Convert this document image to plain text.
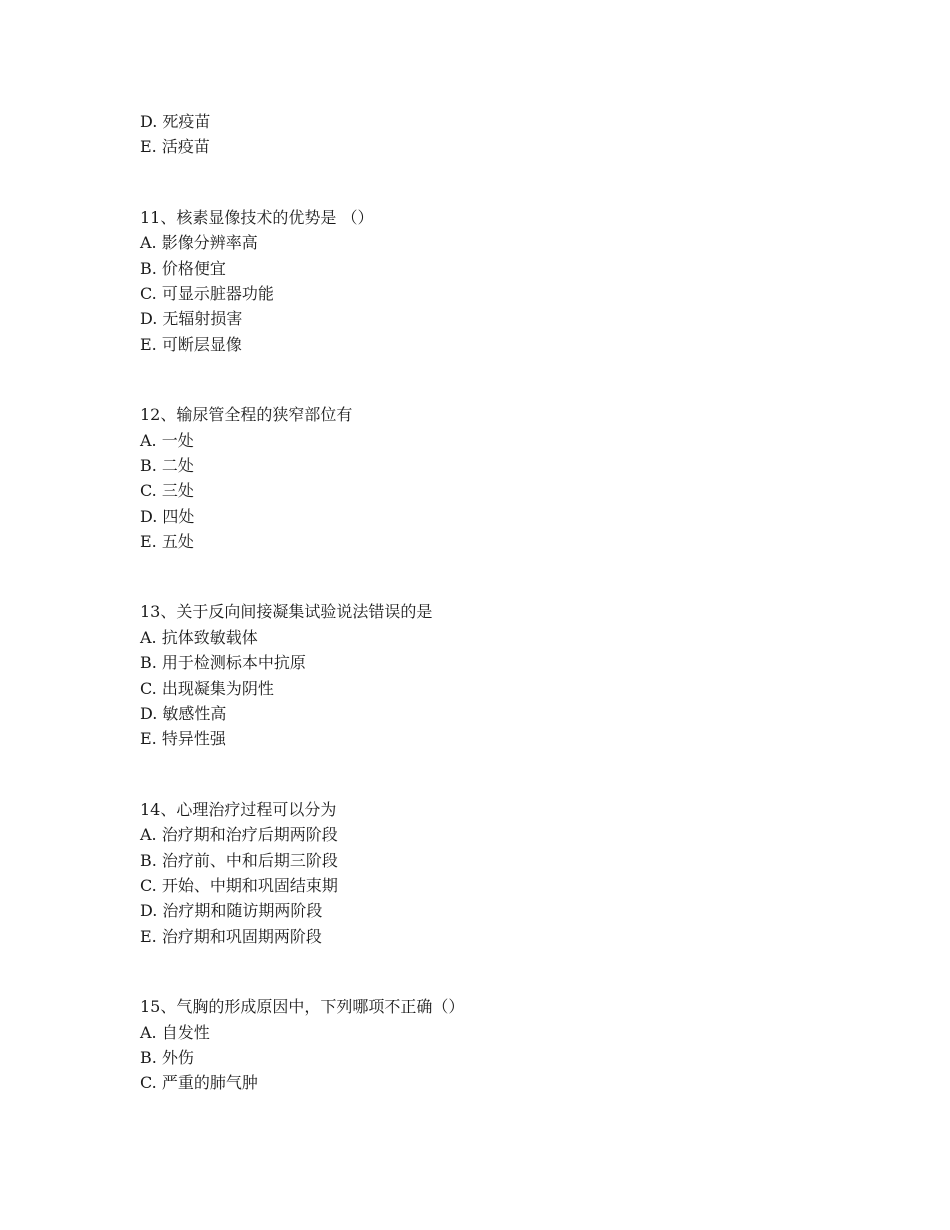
D. 死疫苗
E. 活疫苗
11、核素显像技术的优势是 （）
A. 影像分辨率高
B. 价格便宜
C. 可显示脏器功能
D. 无辐射损害
E. 可断层显像
12、输尿管全程的狭窄部位有
A. 一处
B. 二处
C. 三处
D. 四处
E. 五处
13、关于反向间接凝集试验说法错误的是
A. 抗体致敏载体
B. 用于检测标本中抗原
C. 出现凝集为阴性
D. 敏感性高
E. 特异性强
14、心理治疗过程可以分为
A. 治疗期和治疗后期两阶段
B. 治疗前、中和后期三阶段
C. 开始、中期和巩固结束期
D. 治疗期和随访期两阶段
E. 治疗期和巩固期两阶段
15、气胸的形成原因中，下列哪项不正确（）
A. 自发性
B. 外伤
C. 严重的肺气肿
